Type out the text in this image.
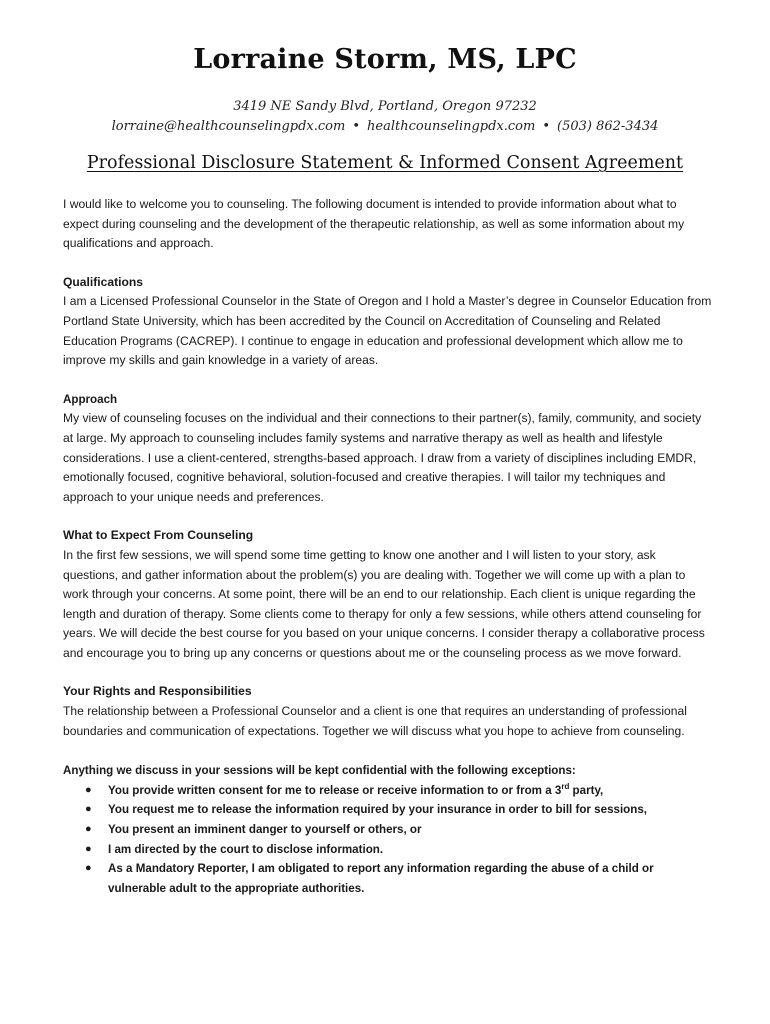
Lorraine Storm, MS, LPC
3419 NE Sandy Blvd, Portland, Oregon 97232
lorraine@healthcounselingpdx.com • healthcounselingpdx.com • (503) 862-3434
Professional Disclosure Statement & Informed Consent Agreement

I would like to welcome you to counseling. The following document is intended to provide information about what to expect during counseling and the development of the therapeutic relationship, as well as some information about my qualifications and approach.

Qualifications

I am a Licensed Professional Counselor in the State of Oregon and I hold a Master’s degree in Counselor Education from Portland State University, which has been accredited by the Council on Accreditation of Counseling and Related Education Programs (CACREP). I continue to engage in education and professional development which allow me to improve my skills and gain knowledge in a variety of areas.

Approach

My view of counseling focuses on the individual and their connections to their partner(s), family, community, and society at large. My approach to counseling includes family systems and narrative therapy as well as health and lifestyle considerations. I use a client-centered, strengths-based approach. I draw from a variety of disciplines including EMDR, emotionally focused, cognitive behavioral, solution-focused and creative therapies. I will tailor my techniques and approach to your unique needs and preferences.

What to Expect From Counseling

In the first few sessions, we will spend some time getting to know one another and I will listen to your story, ask questions, and gather information about the problem(s) you are dealing with. Together we will come up with a plan to work through your concerns. At some point, there will be an end to our relationship. Each client is unique regarding the length and duration of therapy. Some clients come to therapy for only a few sessions, while others attend counseling for years. We will decide the best course for you based on your unique concerns. I consider therapy a collaborative process and encourage you to bring up any concerns or questions about me or the counseling process as we move forward.

Your Rights and Responsibilities

The relationship between a Professional Counselor and a client is one that requires an understanding of professional boundaries and communication of expectations. Together we will discuss what you hope to achieve from counseling.

Anything we discuss in your sessions will be kept confidential with the following exceptions:

● You provide written consent for me to release or receive information to or from a 3rd party,
● You request me to release the information required by your insurance in order to bill for sessions,
● You present an imminent danger to yourself or others, or
● I am directed by the court to disclose information.
● As a Mandatory Reporter, I am obligated to report any information regarding the abuse of a child or vulnerable adult to the appropriate authorities.
